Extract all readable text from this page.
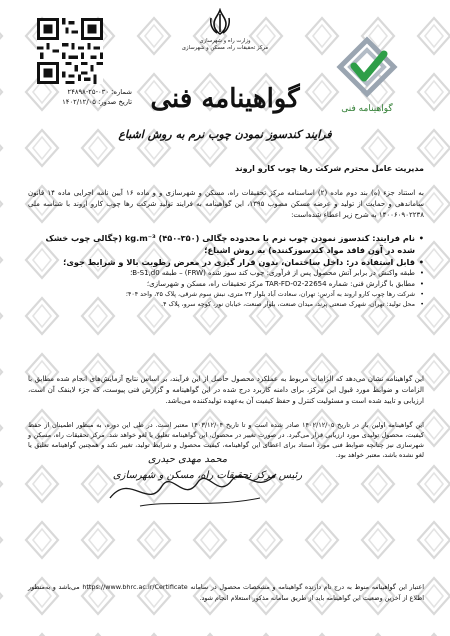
وزارت راه و شهرسازی
مرکز تحقیقات راه، مسکن و شهرسازی
شماره: ۰۳۰-۲۵-۲۴۸۹۸
تاریخ صدور: ۱۴۰۲/۱۲/۰۵
گواهینامه فنی
گواهینامه فنی
فرایند کندسوز نمودن چوب نرم به روش اشباع
مدیریت عامل محترم شرکت رها چوب کارو اروند
به استناد جزء (ه) بند دوم ماده (۲) اساسنامه مرکز تحقیقات راه، مسکن و شهرسازی و و ماده ۱۶ آیین نامه اجرایی ماده ۱۴ قانون ساماندهی و حمایت از تولید و عرضه مسکن مصوب ۱۳۹۵، این گواهینامه به فرایند تولید شرکت رها چوب کارو اروند با شناسه ملی ۱۴۰۰۶۰۹۰۲۲۳۸ به شرح زیر اعطاء شده‌است:
• نام فرایند: کندسوز نمودن چوب نرم با محدوده چگالی kg.m⁻³ (۴۵۰-۳۵۰) (چگالی چوب خشک شده در آون فاقد مواد کندسوزکننده) به روش اشباع؛
• قابل استفاده در: داخل ساختمان، بدون قرار گیری در معرض رطوبت بالا و شرایط جوی؛
• طبقه واکنش در برابر آتش محصول پس از فرآوری: چوب کند سوز شده (FRW) – طبقه B-S1,d0؛
• مطابق با گزارش فنی: شماره TAR-FD-02-22654 مرکز تحقیقات راه، مسکن و شهرسازی؛
• شرکت رها چوب کارو اروند به آدرس: تهران، سعادت آباد بلوار ۲۴ متری، نبش سوم شرقی، پلاک ۲۵، واحد ۴۰۴؛
• محل تولید: تهران، شهرک صنعتی پرند، میدان صنعت، بلوار صنعت، خیابان نور، کوچه سرو، پلاک ۴.
این گواهینامه نشان می‌دهد که الزامات مربوط به عملکرد محصول حاصل از این فرآیند، بر اساس نتایج آزمایش‌های انجام شده مطابق با الزامات و ضوابط مورد قبول این مرکز، برای دامنه کاربرد درج شده در این گواهینامه و گزارش فنی پیوست، که جزء لاینفک آن است، ارزیابی و تایید شده است و مسئولیت کنترل و حفظ کیفیت آن به‌عهده تولیدکننده می‌باشد.
این گواهینامه اولین بار در تاریخ ۱۴۰۲/۱۲/۰۵ صادر شده است و تا تاریخ ۱۴۰۳/۱۲/۰۴ معتبر است. در طی این دوره، به منظور اطمینان از حفظ کیفیت، محصول تولیدی مورد ارزیابی قرار می‌گیرد. در صورت تغییر در محصول، این گواهینامه تعلیق یا لغو خواهد شد. مرکز تحقیقات راه، مسکن و شهرسازی نیز چنانچه ضوابط فنی مورد استناد برای اعطای این گواهینامه، کیفیت محصول و شرایط تولید، تغییر نکند و همچنین گواهینامه تعلیق یا لغو نشده باشد، معتبر خواهد بود.
محمد مهدی حیدری
رئیس مرکز تحقیقات راه، مسکن و شهرسازی
اعتبار این گواهینامه منوط به درج نام دارنده گواهینامه و مشخصات محصول در سامانه https://www.bhrc.ac.ir/Certificate می‌باشد و به‌منظور اطلاع از آخرین وضعیت این گواهینامه باید از طریق سامانه مذکور استعلام انجام شود.
